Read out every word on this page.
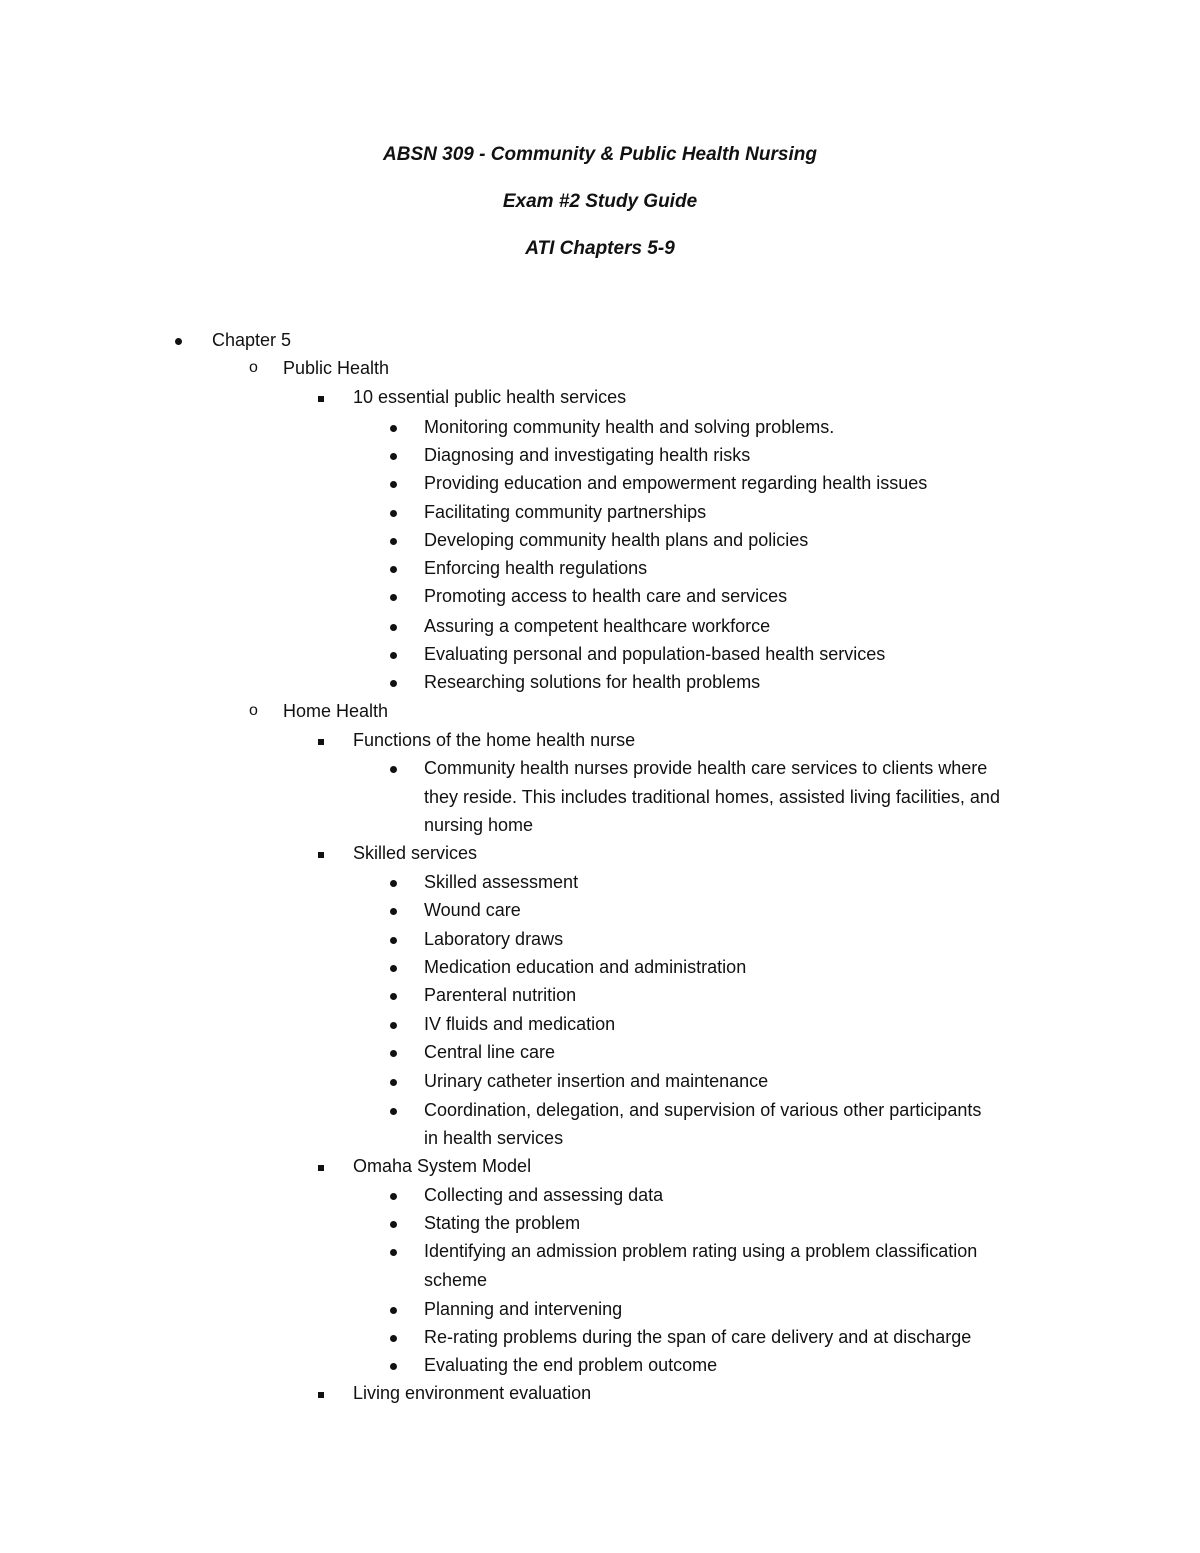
ABSN 309 - Community & Public Health Nursing
Exam #2 Study Guide
ATI Chapters 5-9
Chapter 5
o Public Health
10 essential public health services
Monitoring community health and solving problems.
Diagnosing and investigating health risks
Providing education and empowerment regarding health issues
Facilitating community partnerships
Developing community health plans and policies
Enforcing health regulations
Promoting access to health care and services
Assuring a competent healthcare workforce
Evaluating personal and population-based health services
Researching solutions for health problems
o Home Health
Functions of the home health nurse
Community health nurses provide health care services to clients where
they reside. This includes traditional homes, assisted living facilities, and
nursing home
Skilled services
Skilled assessment
Wound care
Laboratory draws
Medication education and administration
Parenteral nutrition
IV fluids and medication
Central line care
Urinary catheter insertion and maintenance
Coordination, delegation, and supervision of various other participants
in health services
Omaha System Model
Collecting and assessing data
Stating the problem
Identifying an admission problem rating using a problem classification
scheme
Planning and intervening
Re-rating problems during the span of care delivery and at discharge
Evaluating the end problem outcome
Living environment evaluation
